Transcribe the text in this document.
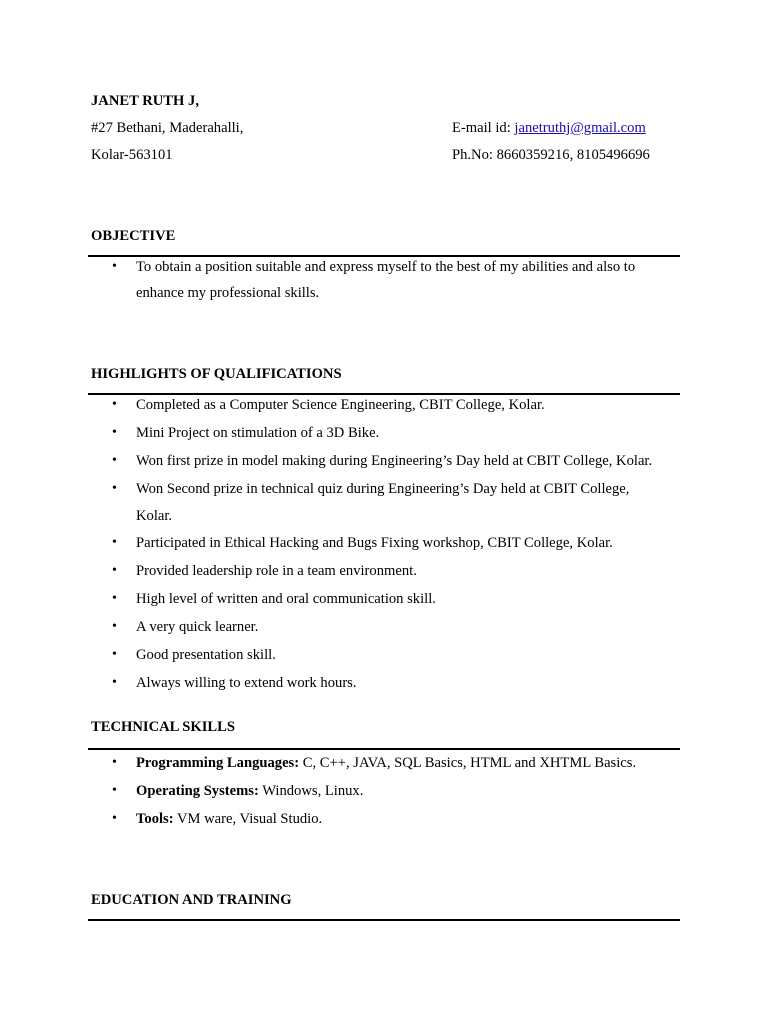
JANET RUTH J,
#27 Bethani, Maderahalli,
Kolar-563101
E-mail id: janetruthj@gmail.com
Ph.No: 8660359216, 8105496696
OBJECTIVE
• To obtain a position suitable and express myself to the best of my abilities and also to
enhance my professional skills.
HIGHLIGHTS OF QUALIFICATIONS
• Completed as a Computer Science Engineering, CBIT College, Kolar.
• Mini Project on stimulation of a 3D Bike.
• Won first prize in model making during Engineering’s Day held at CBIT College, Kolar.
• Won Second prize in technical quiz during Engineering’s Day held at CBIT College,
Kolar.
• Participated in Ethical Hacking and Bugs Fixing workshop, CBIT College, Kolar.
• Provided leadership role in a team environment.
• High level of written and oral communication skill.
• A very quick learner.
• Good presentation skill.
• Always willing to extend work hours.
TECHNICAL SKILLS
• Programming Languages: C, C++, JAVA, SQL Basics, HTML and XHTML Basics.
• Operating Systems: Windows, Linux.
• Tools: VM ware, Visual Studio.
EDUCATION AND TRAINING
